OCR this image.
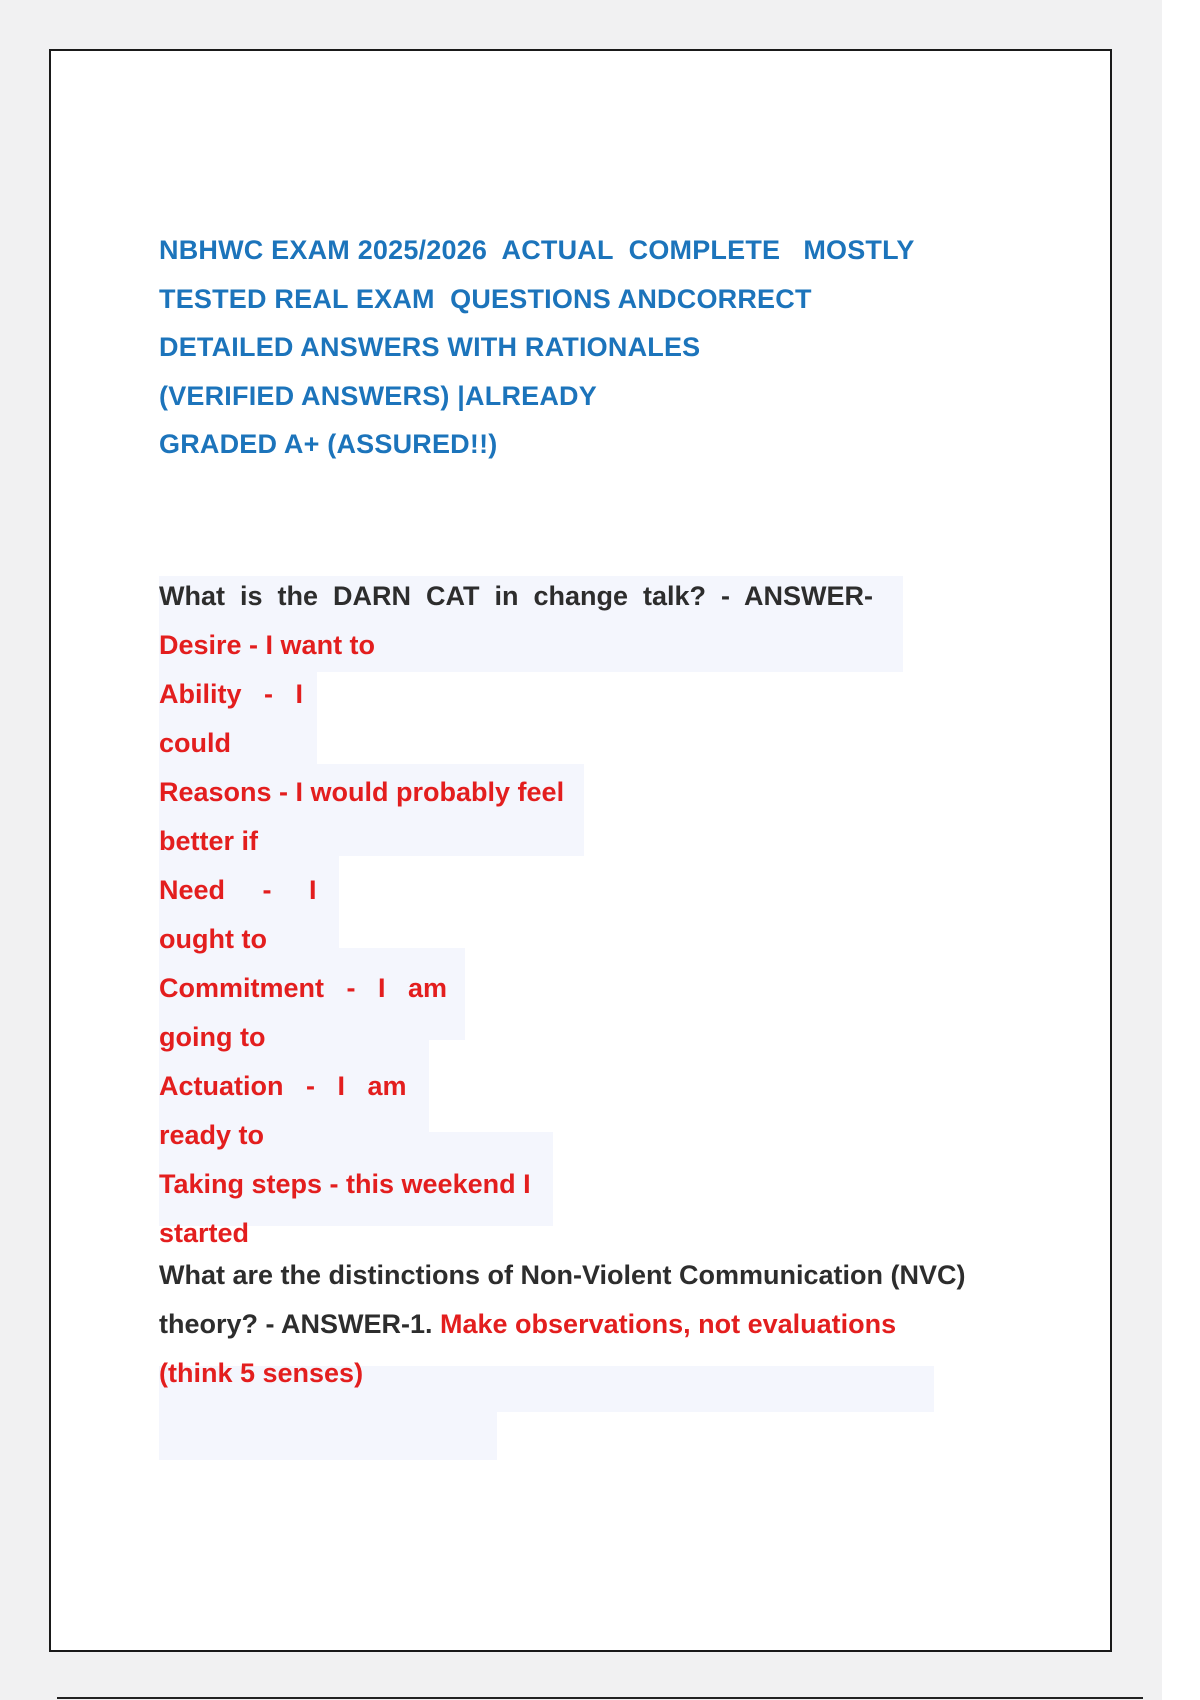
NBHWC EXAM 2025/2026  ACTUAL  COMPLETE   MOSTLY
TESTED REAL EXAM  QUESTIONS ANDCORRECT
DETAILED ANSWERS WITH RATIONALES
(VERIFIED ANSWERS) |ALREADY
GRADED A+ (ASSURED!!)
What  is  the  DARN  CAT  in  change  talk?  -  ANSWER-
Desire - I want to
Ability   -   I
could
Reasons - I would probably feel
better if
Need     -     I
ought to
Commitment   -   I   am
going to
Actuation   -   I   am
ready to
Taking steps - this weekend I
started
What are the distinctions of Non-Violent Communication (NVC)
theory? - ANSWER-1. Make observations, not evaluations
(think 5 senses)
